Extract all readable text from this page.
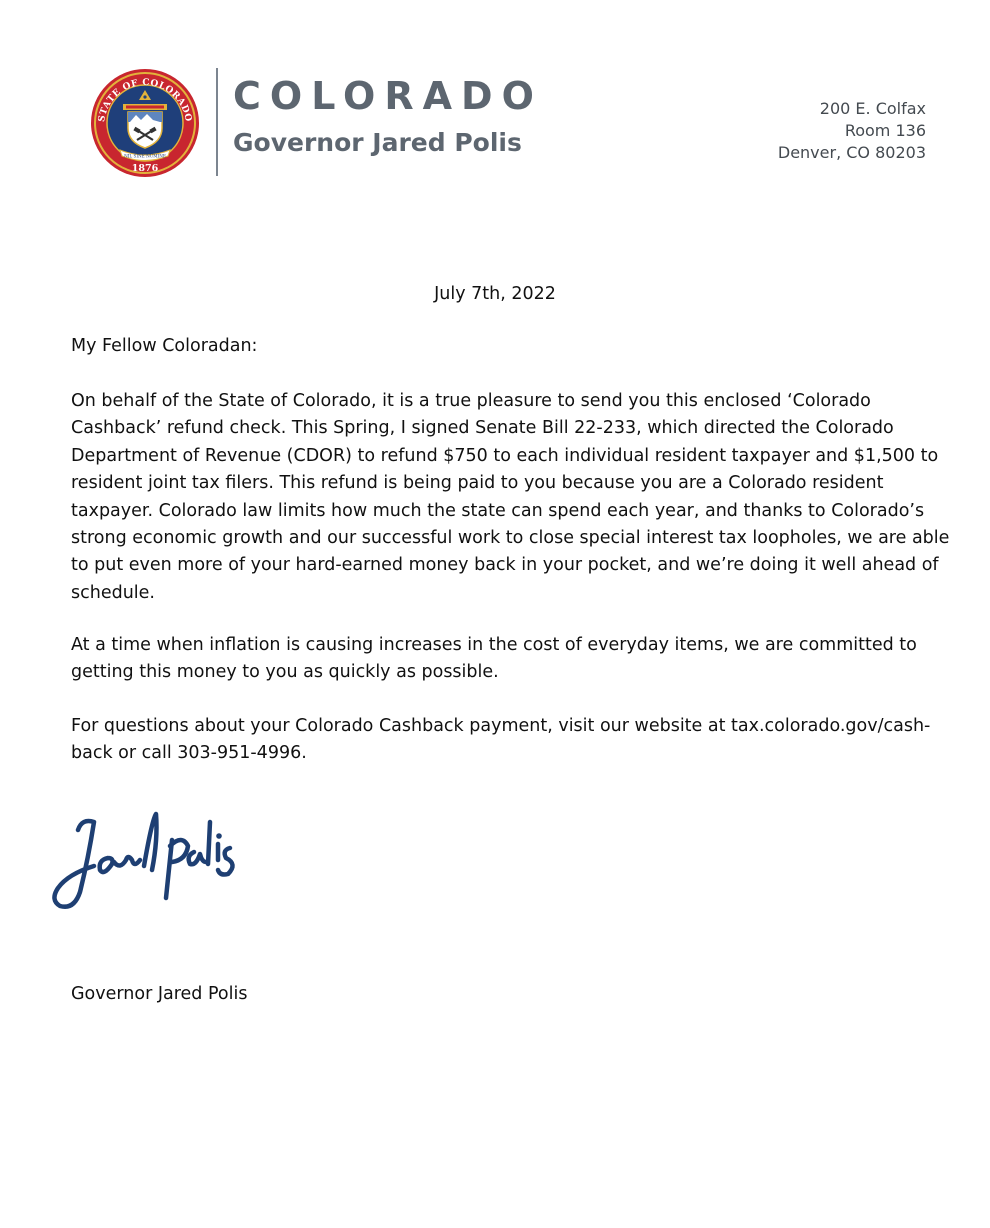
STATE OF COLORADO
NIL SINE NUMINE
1876
COLORADO
Governor Jared Polis
200 E. Colfax
Room 136
Denver, CO 80203
July 7th, 2022
My Fellow Coloradan:

On behalf of the State of Colorado, it is a true pleasure to send you this enclosed ‘Colorado Cashback’ refund check. This Spring, I signed Senate Bill 22-233, which directed the Colorado Department of Revenue (CDOR) to refund $750 to each individual resident taxpayer and $1,500 to resident joint tax filers. This refund is being paid to you because you are a Colorado resident taxpayer. Colorado law limits how much the state can spend each year, and thanks to Colorado’s strong economic growth and our successful work to close special interest tax loopholes, we are able to put even more of your hard-earned money back in your pocket, and we’re doing it well ahead of schedule.

At a time when inflation is causing increases in the cost of everyday items, we are committed to getting this money to you as quickly as possible.

For questions about your Colorado Cashback payment, visit our website at tax.colorado.gov/cash-back or call 303-951-4996.

Governor Jared Polis
